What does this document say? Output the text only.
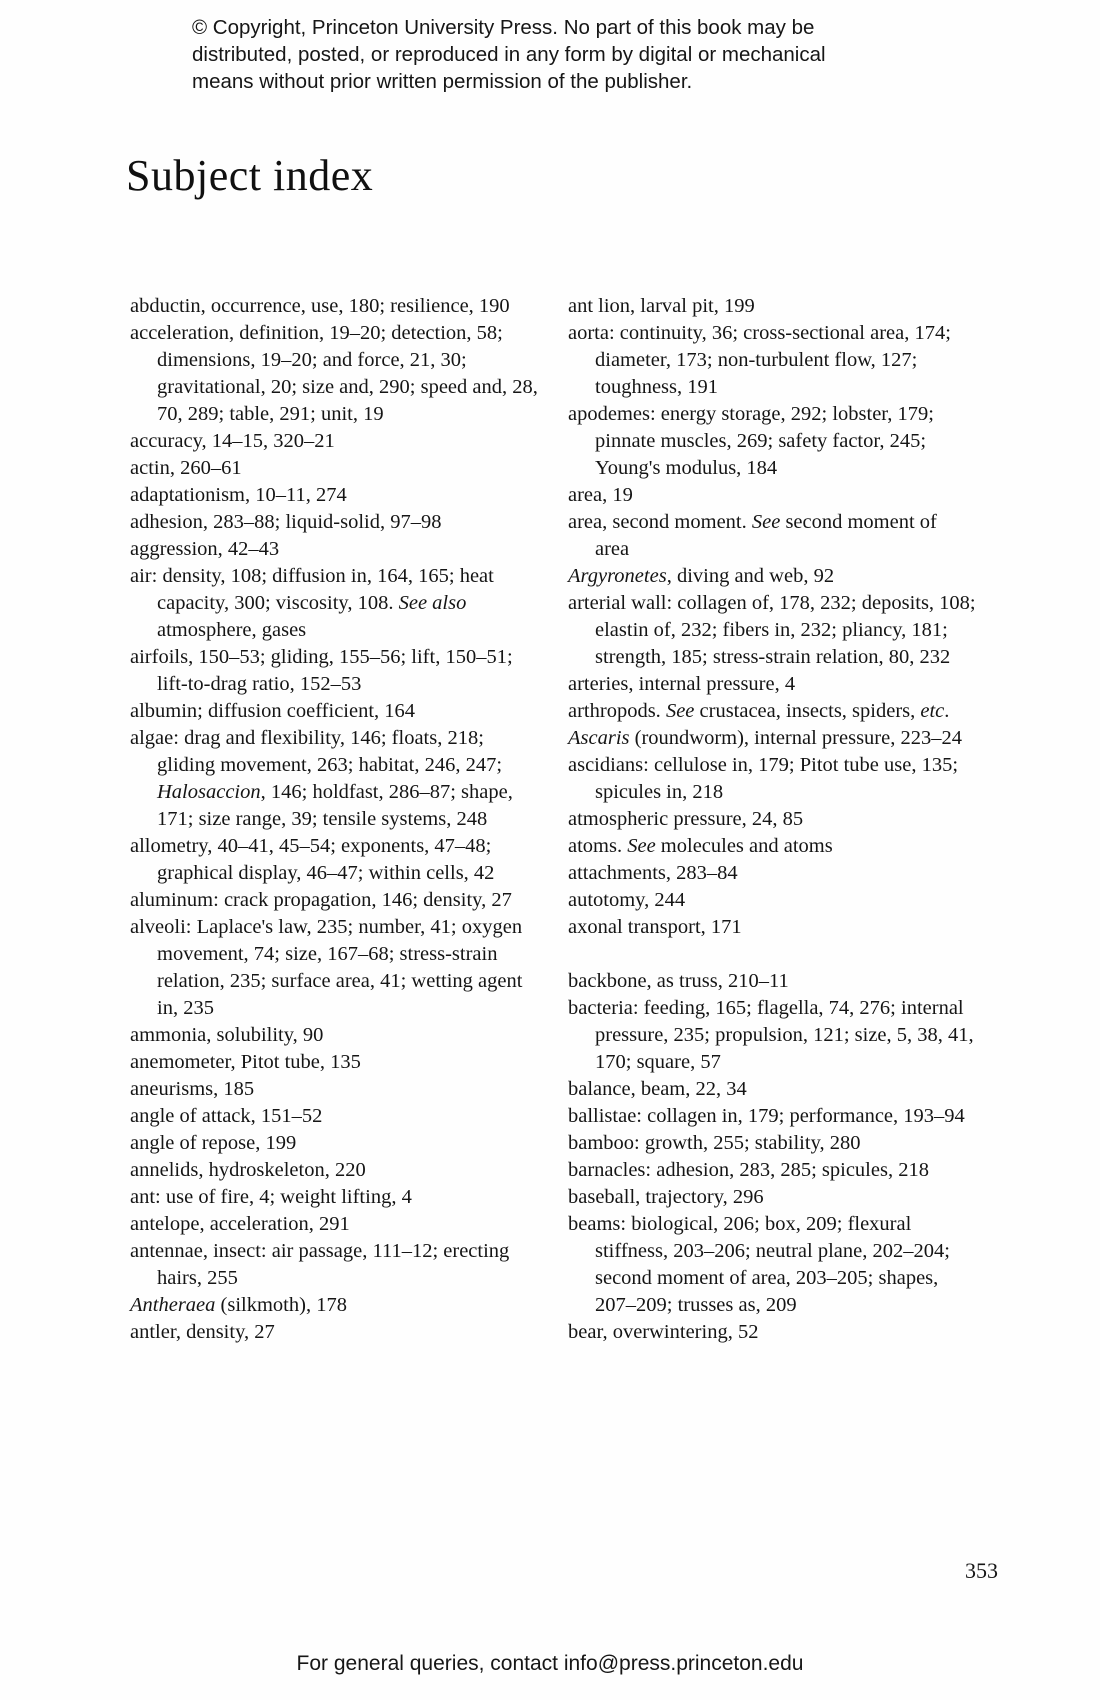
© Copyright, Princeton University Press. No part of this book may be
distributed, posted, or reproduced in any form by digital or mechanical
means without prior written permission of the publisher.
Subject index

abductin, occurrence, use, 180; resilience, 190

acceleration, definition, 19–20; detection, 58; dimensions, 19–20; and force, 21, 30; gravitational, 20; size and, 290; speed and, 28, 70, 289; table, 291; unit, 19

accuracy, 14–15, 320–21

actin, 260–61

adaptationism, 10–11, 274

adhesion, 283–88; liquid-solid, 97–98

aggression, 42–43

air: density, 108; diffusion in, 164, 165; heat capacity, 300; viscosity, 108. See also atmosphere, gases

airfoils, 150–53; gliding, 155–56; lift, 150–51; lift-to-drag ratio, 152–53

albumin; diffusion coefficient, 164

algae: drag and flexibility, 146; floats, 218; gliding movement, 263; habitat, 246, 247; Halosaccion, 146; holdfast, 286–87; shape, 171; size range, 39; tensile systems, 248

allometry, 40–41, 45–54; exponents, 47–48; graphical display, 46–47; within cells, 42

aluminum: crack propagation, 146; density, 27

alveoli: Laplace's law, 235; number, 41; oxygen movement, 74; size, 167–68; stress-strain relation, 235; surface area, 41; wetting agent in, 235

ammonia, solubility, 90

anemometer, Pitot tube, 135

aneurisms, 185

angle of attack, 151–52

angle of repose, 199

annelids, hydroskeleton, 220

ant: use of fire, 4; weight lifting, 4

antelope, acceleration, 291

antennae, insect: air passage, 111–12; erecting hairs, 255

Antheraea (silkmoth), 178

antler, density, 27

ant lion, larval pit, 199

aorta: continuity, 36; cross-sectional area, 174; diameter, 173; non-turbulent flow, 127; toughness, 191

apodemes: energy storage, 292; lobster, 179; pinnate muscles, 269; safety factor, 245; Young's modulus, 184

area, 19

area, second moment. See second moment of area

Argyronetes, diving and web, 92

arterial wall: collagen of, 178, 232; deposits, 108; elastin of, 232; fibers in, 232; pliancy, 181; strength, 185; stress-strain relation, 80, 232

arteries, internal pressure, 4

arthropods. See crustacea, insects, spiders, etc.

Ascaris (roundworm), internal pressure, 223–24

ascidians: cellulose in, 179; Pitot tube use, 135; spicules in, 218

atmospheric pressure, 24, 85

atoms. See molecules and atoms

attachments, 283–84

autotomy, 244

axonal transport, 171

backbone, as truss, 210–11

bacteria: feeding, 165; flagella, 74, 276; internal pressure, 235; propulsion, 121; size, 5, 38, 41, 170; square, 57

balance, beam, 22, 34

ballistae: collagen in, 179; performance, 193–94

bamboo: growth, 255; stability, 280

barnacles: adhesion, 283, 285; spicules, 218

baseball, trajectory, 296

beams: biological, 206; box, 209; flexural stiffness, 203–206; neutral plane, 202–204; second moment of area, 203–205; shapes, 207–209; trusses as, 209

bear, overwintering, 52

353
For general queries, contact info@press.princeton.edu
